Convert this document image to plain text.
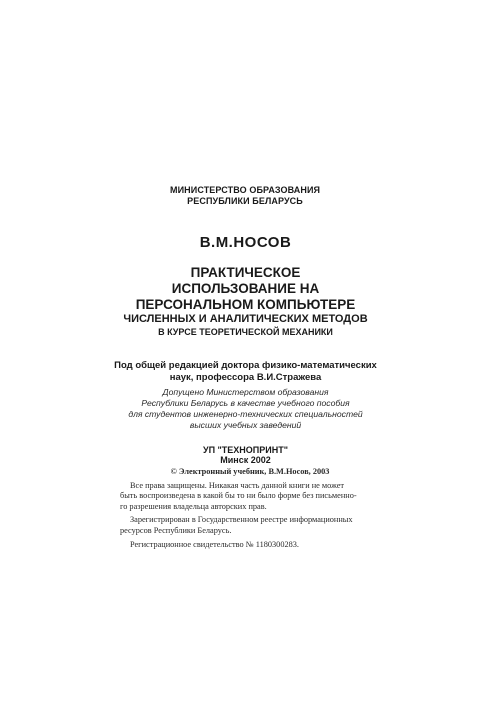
МИНИСТЕРСТВО ОБРАЗОВАНИЯ
РЕСПУБЛИКИ БЕЛАРУСЬ
В.М.НОСОВ
ПРАКТИЧЕСКОЕ
ИСПОЛЬЗОВАНИЕ НА
ПЕРСОНАЛЬНОМ КОМПЬЮТЕРЕ
ЧИСЛЕННЫХ И АНАЛИТИЧЕСКИХ МЕТОДОВ
В КУРСЕ ТЕОРЕТИЧЕСКОЙ МЕХАНИКИ
Под общей редакцией доктора физико-математических
наук, профессора В.И.Стражева
Допущено Министерством образования
Республики Беларусь в качестве учебного пособия
для студентов инженерно-технических специальностей
высших учебных заведений
УП "ТЕХНОПРИНТ"
Минск 2002
© Электронный учебник, В.М.Носов, 2003
Все права защищены. Никакая часть данной книги не может
быть воспроизведена в какой бы то ни было форме без письменно-
го разрешения владельца авторских прав.
Зарегистрирован в Государственном реестре информационных
ресурсов Республики Беларусь.
Регистрационное свидетельство № 1180300283.
